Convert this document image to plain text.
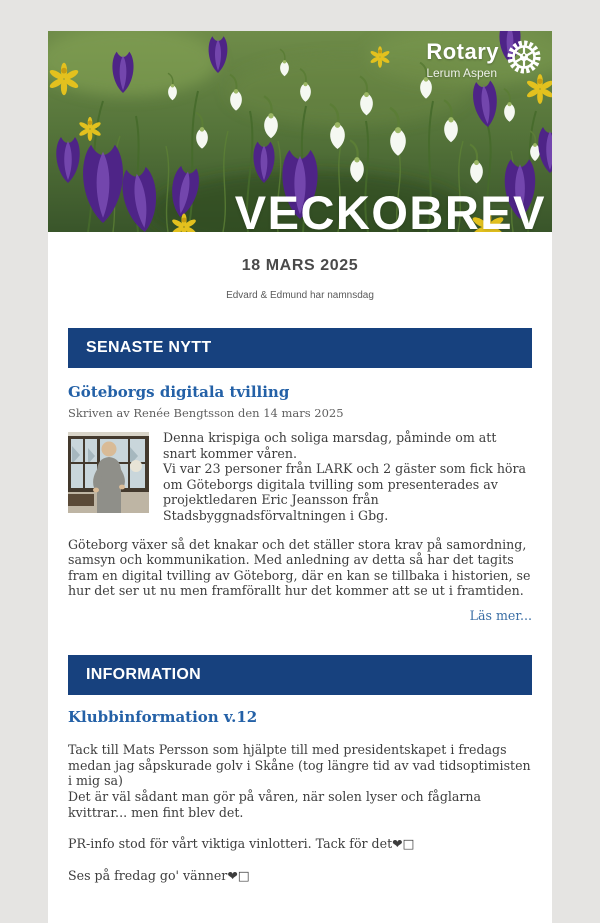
Rotary
Lerum Aspen
VECKOBREV
18 MARS 2025
Edvard & Edmund har namnsdag
SENASTE NYTT
Göteborgs digitala tvilling
Skriven av Renée Bengtsson den 14 mars 2025

Denna krispiga och soliga marsdag, påminde om att snart kommer våren.

Vi var 23 personer från LARK och 2 gäster som fick höra om Göteborgs digitala tvilling som presenterades av projektledaren Eric Jeansson från Stadsbyggnadsförvaltningen i Gbg.

Göteborg växer så det knakar och det ställer stora krav på samordning, samsyn och kommunikation. Med anledning av detta så har det tagits fram en digital tvilling av Göteborg, där en kan se tillbaka i historien, se hur det ser ut nu men framförallt hur det kommer att se ut i framtiden.

Läs mer...
INFORMATION
Klubbinformation v.12

Tack till Mats Persson som hjälpte till med presidentskapet i fredags medan jag såpskurade golv i Skåne (tog längre tid av vad tidsoptimisten i mig sa)
Det är väl sådant man gör på våren, när solen lyser och fåglarna kvittrar... men fint blev det.

PR-info stod för vårt viktiga vinlotteri. Tack för det❤□

Ses på fredag go' vänner❤□
